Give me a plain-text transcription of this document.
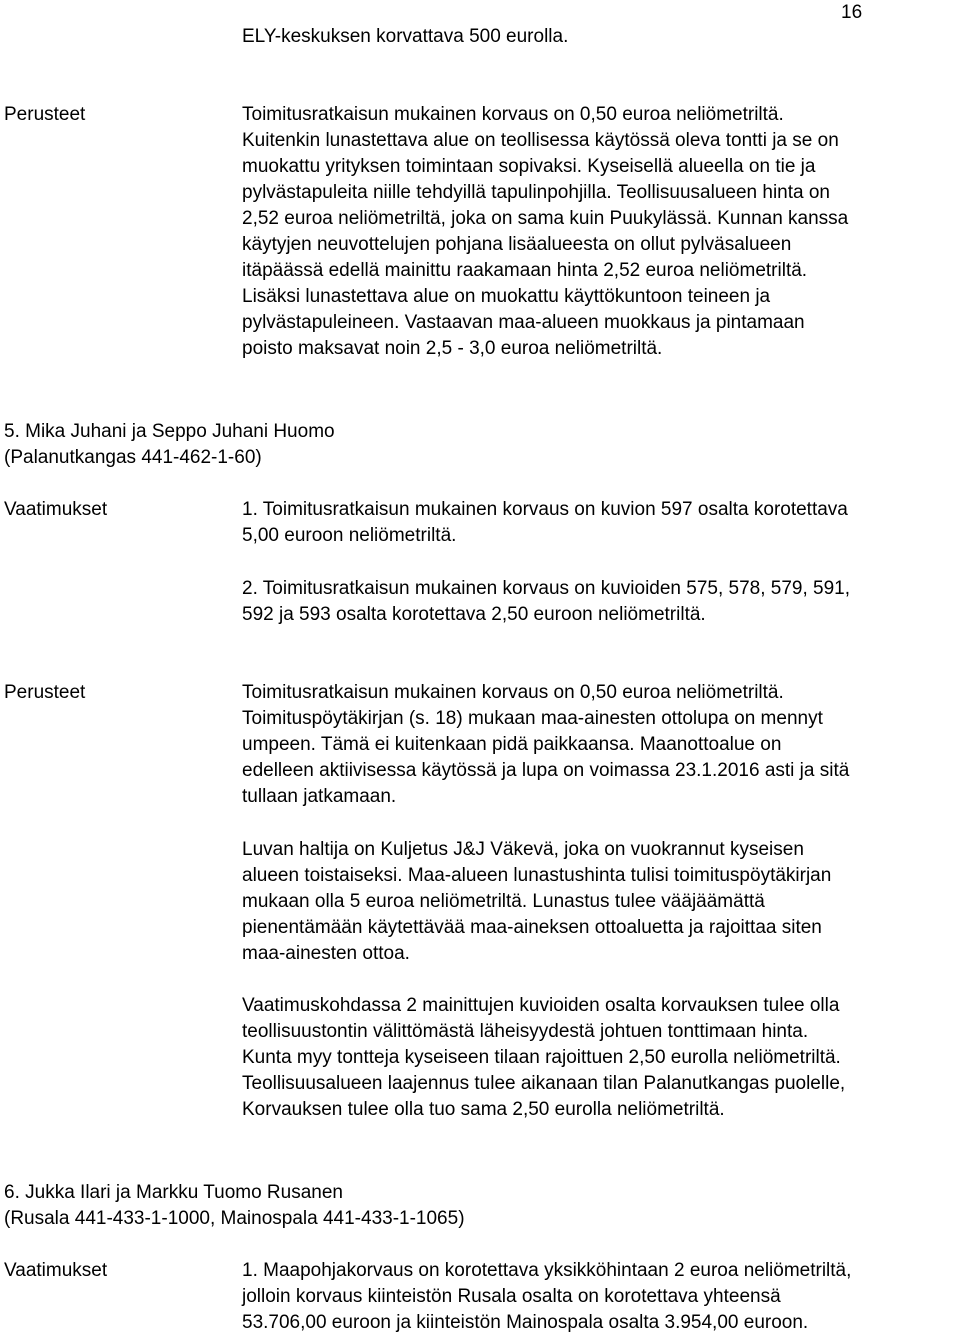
16

ELY-keskuksen korvattava 500 eurolla.

Perusteet	Toimitusratkaisun mukainen korvaus on 0,50 euroa neliömetriltä.
Kuitenkin lunastettava alue on teollisessa käytössä oleva tontti ja se on
muokattu yrityksen toimintaan sopivaksi. Kyseisellä alueella on tie ja
pylvästapuleita niille tehdyillä tapulinpohjilla. Teollisuusalueen hinta on
2,52 euroa neliömetriltä, joka on sama kuin Puukylässä. Kunnan kanssa
käytyjen neuvottelujen pohjana lisäalueesta on ollut pylväsalueen
itäpäässä edellä mainittu raakamaan hinta 2,52 euroa neliömetriltä.
Lisäksi lunastettava alue on muokattu käyttökuntoon teineen ja
pylvästapuleineen. Vastaavan maa-alueen muokkaus ja pintamaan
poisto maksavat noin 2,5 - 3,0 euroa neliömetriltä.

5. Mika Juhani ja Seppo Juhani Huomo
(Palanutkangas 441-462-1-60)

Vaatimukset	1. Toimitusratkaisun mukainen korvaus on kuvion 597 osalta korotettava
5,00 euroon neliömetriltä.

2. Toimitusratkaisun mukainen korvaus on kuvioiden 575, 578, 579, 591,
592 ja 593 osalta korotettava 2,50 euroon neliömetriltä.

Perusteet	Toimitusratkaisun mukainen korvaus on 0,50 euroa neliömetriltä.
Toimituspöytäkirjan (s. 18) mukaan maa-ainesten ottolupa on mennyt
umpeen. Tämä ei kuitenkaan pidä paikkaansa. Maanottoalue on
edelleen aktiivisessa käytössä ja lupa on voimassa 23.1.2016 asti ja sitä
tullaan jatkamaan.

Luvan haltija on Kuljetus J&J Väkevä, joka on vuokrannut kyseisen
alueen toistaiseksi. Maa-alueen lunastushinta tulisi toimituspöytäkirjan
mukaan olla 5 euroa neliömetriltä. Lunastus tulee vääjäämättä
pienentämään käytettävää maa-aineksen ottoaluetta ja rajoittaa siten
maa-ainesten ottoa.

Vaatimuskohdassa 2 mainittujen kuvioiden osalta korvauksen tulee olla
teollisuustontin välittömästä läheisyydestä johtuen tonttimaan hinta.
Kunta myy tontteja kyseiseen tilaan rajoittuen 2,50 eurolla neliömetriltä.
Teollisuusalueen laajennus tulee aikanaan tilan Palanutkangas puolelle,
Korvauksen tulee olla tuo sama 2,50 eurolla neliömetriltä.

6. Jukka Ilari ja Markku Tuomo Rusanen
(Rusala 441-433-1-1000, Mainospala 441-433-1-1065)

Vaatimukset	1. Maapohjakorvaus on korotettava yksikköhintaan 2 euroa neliömetriltä,
jolloin korvaus kiinteistön Rusala osalta on korotettava yhteensä
53.706,00 euroon ja kiinteistön Mainospala osalta 3.954,00 euroon.
